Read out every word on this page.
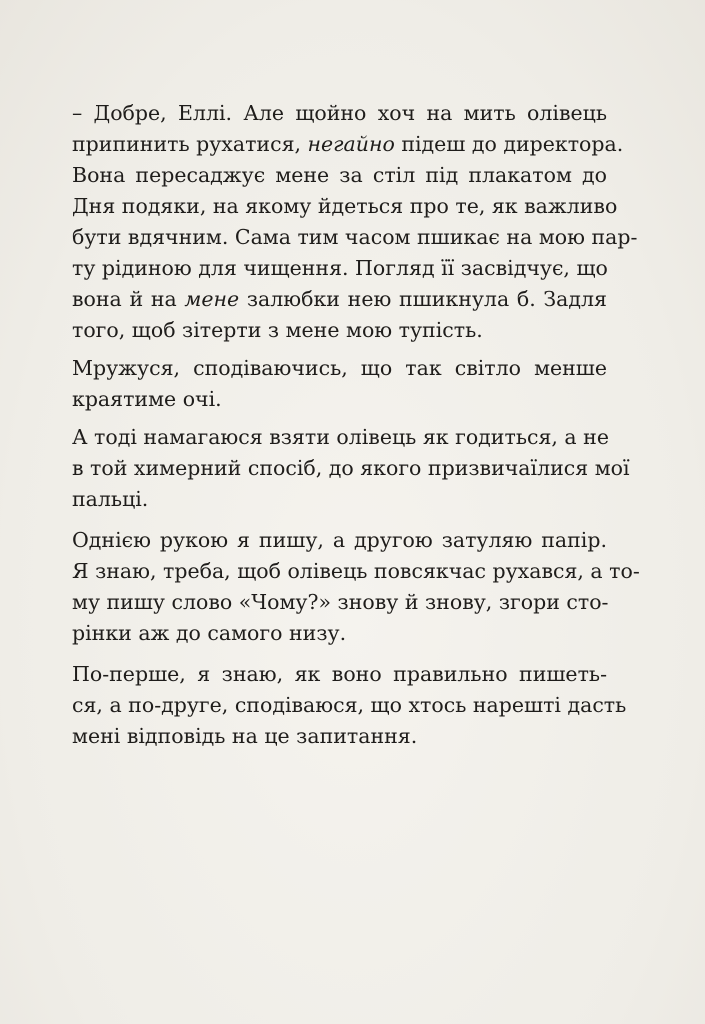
– Добре, Еллі. Але щойно хоч на мить олівець
припинить рухатися, негайно підеш до директора.
Вона пересаджує мене за стіл під плакатом до
Дня подяки, на якому йдеться про те, як важливо
бути вдячним. Сама тим часом пшикає на мою пар-
ту рідиною для чищення. Погляд її засвідчує, що
вона й на мене залюбки нею пшикнула б. Задля
того, щоб зітерти з мене мою тупість.
Мружуся, сподіваючись, що так світло менше
краятиме очі.
А тоді намагаюся взяти олівець як годиться, а не
в той химерний спосіб, до якого призвичаїлися мої
пальці.
Однією рукою я пишу, а другою затуляю папір.
Я знаю, треба, щоб олівець повсякчас рухався, а то-
му пишу слово «Чому?» знову й знову, згори сто-
рінки аж до самого низу.
По-перше, я знаю, як воно правильно пишеть-
ся, а по-друге, сподіваюся, що хтось нарешті дасть
мені відповідь на це запитання.
